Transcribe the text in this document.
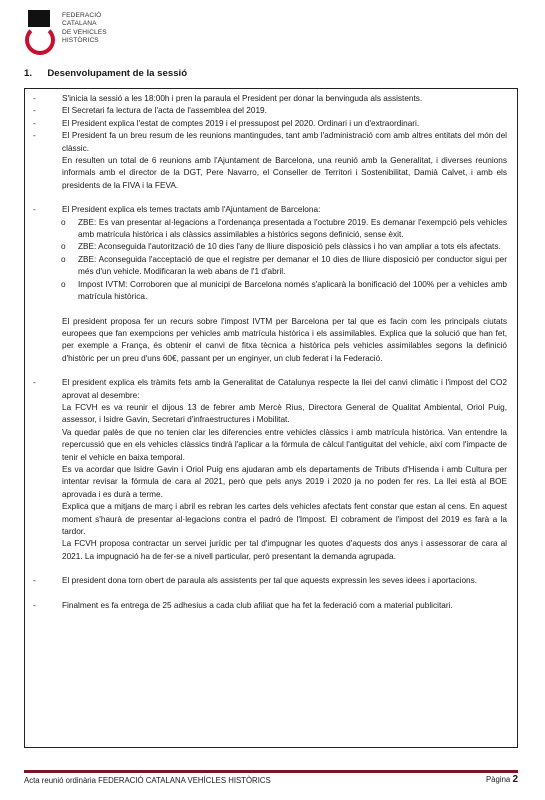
FEDERACIÓ
CATALANA
DE VEHICLES
HISTÒRICS
1. Desenvolupament de la sessió
-	S'inicia la sessió a les 18:00h i pren la paraula el President per donar la benvinguda als assistents.
-	El Secretari fa lectura de l'acta de l'assemblea del 2019.
-	El President explica l'estat de comptes 2019 i el pressupost pel 2020. Ordinari i un d'extraordinari.
-	El President fa un breu resum de les reunions mantingudes, tant amb l'administració com amb altres entitats del món del clàssic.
En resulten un total de 6 reunions amb l'Ajuntament de Barcelona, una reunió amb la Generalitat, i diverses reunions informals amb el director de la DGT, Pere Navarro, el Conseller de Territori i Sostenibilitat, Damià Calvet, i amb els presidents de la FIVA i la FEVA.
-	El President explica els temes tractats amb l'Ajuntament de Barcelona:
o ZBE: Es van presentar al·legacions a l'ordenança presentada a l'octubre 2019. Es demanar l'exempció pels vehicles amb matrícula històrica i als clàssics assimilables a històrics segons definició, sense èxit.
o ZBE: Aconseguida l'autorització de 10 dies l'any de lliure disposició pels clàssics i ho van ampliar a tots els afectats.
o ZBE: Aconseguida l'acceptació de que el registre per demanar el 10 dies de lliure disposició per conductor sigui per més d'un vehicle. Modificaran la web abans de l'1 d'abril.
o Impost IVTM: Corroboren que al municipi de Barcelona només s'aplicarà la bonificació del 100% per a vehicles amb matrícula històrica.
El president proposa fer un recurs sobre l'impost IVTM per Barcelona per tal que es facin com les principals ciutats europees que fan exempcions per vehicles amb matrícula històrica i els assimilables. Explica que la solució que han fet, per exemple a França, és obtenir el canvi de fitxa tècnica a històrica pels vehicles assimilables segons la definició d'històric per un preu d'uns 60€, passant per un enginyer, un club federat i la Federació.
-	El president explica els tràmits fets amb la Generalitat de Catalunya respecte la llei del canvi climàtic i l'impost del CO2 aprovat al desembre:
La FCVH es va reunir el dijous 13 de febrer amb Mercè Rius, Directora General de Qualitat Ambiental, Oriol Puig, assessor, i Isidre Gavin, Secretari d'infraestructures i Mobilitat.
Va quedar palès de que no tenien clar les diferencies entre vehicles clàssics i amb matrícula històrica. Van entendre la repercussió que en els vehicles clàssics tindrà l'aplicar a la fórmula de càlcul l'antiguitat del vehicle, així com l'impacte de tenir el vehicle en baixa temporal.
Es va acordar que Isidre Gavin i Oriol Puig ens ajudaran amb els departaments de Tributs d'Hisenda i amb Cultura per intentar revisar la fórmula de cara al 2021, però que pels anys 2019 i 2020 ja no poden fer res. La llei està al BOE aprovada i es durà a terme.
Explica que a mitjans de març i abril es rebran les cartes dels vehicles afectats fent constar que estan al cens. En aquest moment s'haurà de presentar al·legacions contra el padró de l'Impost. El cobrament de l'impost del 2019 es farà a la tardor.
La FCVH proposa contractar un servei jurídic per tal d'impugnar les quotes d'aquests dos anys i assessorar de cara al 2021. La impugnació ha de fer-se a nivell particular, però presentant la demanda agrupada.
-	El president dona torn obert de paraula als assistents per tal que aquests expressin les seves idees i aportacions.
-	Finalment es fa entrega de 25 adhesius a cada club afiliat que ha fet la federació com a material publicitari.
Acta reunió ordinària FEDERACIÓ CATALANA VEHÍCLES HISTÒRICS	Pàgina 2
